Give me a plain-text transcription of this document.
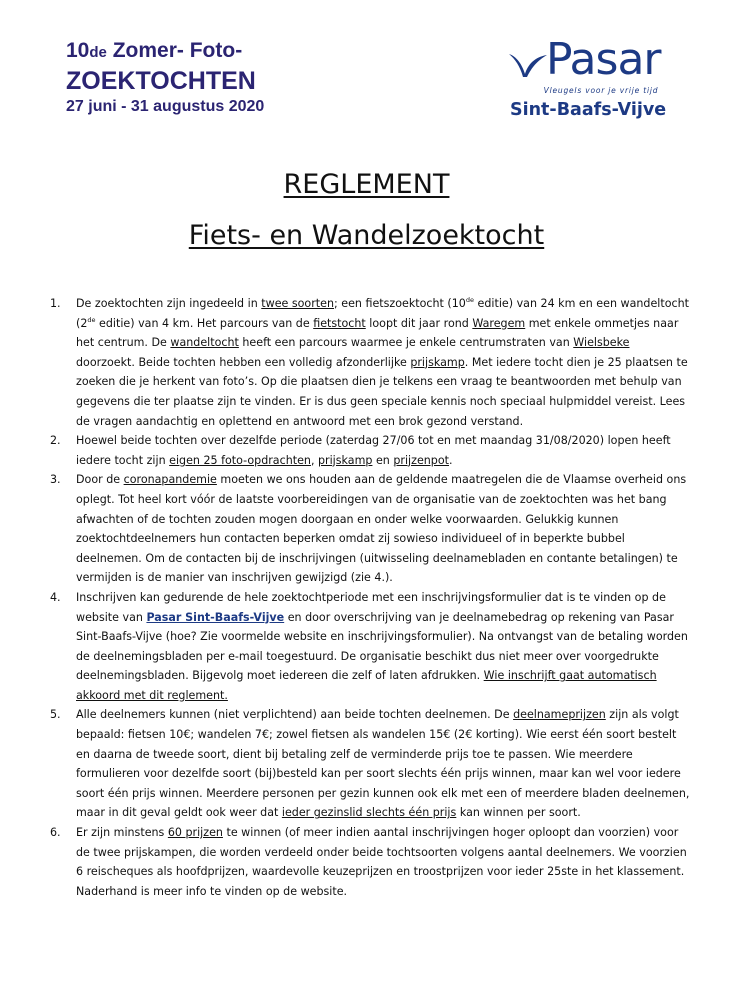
10de Zomer- Foto-
ZOEKTOCHTEN
27 juni - 31 augustus 2020
Pasar
Vleugels voor je vrije tijd
Sint-Baafs-Vijve
REGLEMENT
Fiets- en Wandelzoektocht
1.	De zoektochten zijn ingedeeld in twee soorten; een fietszoektocht (10de editie) van 24 km en een wandeltocht (2de editie) van 4 km. Het parcours van de fietstocht loopt dit jaar rond Waregem met enkele ommetjes naar het centrum. De wandeltocht heeft een parcours waarmee je enkele centrumstraten van Wielsbeke doorzoekt. Beide tochten hebben een volledig afzonderlijke prijskamp. Met iedere tocht dien je 25 plaatsen te zoeken die je herkent van foto’s. Op die plaatsen dien je telkens een vraag te beantwoorden met behulp van gegevens die ter plaatse zijn te vinden. Er is dus geen speciale kennis noch speciaal hulpmiddel vereist. Lees de vragen aandachtig en oplettend en antwoord met een brok gezond verstand.
2.	Hoewel beide tochten over dezelfde periode (zaterdag 27/06 tot en met maandag 31/08/2020) lopen heeft iedere tocht zijn eigen 25 foto-opdrachten, prijskamp en prijzenpot.
3.	Door de coronapandemie moeten we ons houden aan de geldende maatregelen die de Vlaamse overheid ons oplegt. Tot heel kort vóór de laatste voorbereidingen van de organisatie van de zoektochten was het bang afwachten of de tochten zouden mogen doorgaan en onder welke voorwaarden. Gelukkig kunnen zoektochtdeelnemers hun contacten beperken omdat zij sowieso individueel of in beperkte bubbel deelnemen. Om de contacten bij de inschrijvingen (uitwisseling deelnamebladen en contante betalingen) te vermijden is de manier van inschrijven gewijzigd (zie 4.).
4.	Inschrijven kan gedurende de hele zoektochtperiode met een inschrijvingsformulier dat is te vinden op de website van Pasar Sint-Baafs-Vijve en door overschrijving van je deelnamebedrag op rekening van Pasar Sint-Baafs-Vijve (hoe? Zie voormelde website en inschrijvingsformulier). Na ontvangst van de betaling worden de deelnemingsbladen per e-mail toegestuurd. De organisatie beschikt dus niet meer over voorgedrukte deelnemingsbladen. Bijgevolg moet iedereen die zelf of laten afdrukken. Wie inschrijft gaat automatisch akkoord met dit reglement.
5.	Alle deelnemers kunnen (niet verplichtend) aan beide tochten deelnemen. De deelnameprijzen zijn als volgt bepaald: fietsen 10€; wandelen 7€; zowel fietsen als wandelen 15€ (2€ korting). Wie eerst één soort bestelt en daarna de tweede soort, dient bij betaling zelf de verminderde prijs toe te passen. Wie meerdere formulieren voor dezelfde soort (bij)besteld kan per soort slechts één prijs winnen, maar kan wel voor iedere soort één prijs winnen. Meerdere personen per gezin kunnen ook elk met een of meerdere bladen deelnemen, maar in dit geval geldt ook weer dat ieder gezinslid slechts één prijs kan winnen per soort.
6.	Er zijn minstens 60 prijzen te winnen (of meer indien aantal inschrijvingen hoger oploopt dan voorzien) voor de twee prijskampen, die worden verdeeld onder beide tochtsoorten volgens aantal deelnemers. We voorzien 6 reischeques als hoofdprijzen, waardevolle keuzeprijzen en troostprijzen voor ieder 25ste in het klassement. Naderhand is meer info te vinden op de website.
